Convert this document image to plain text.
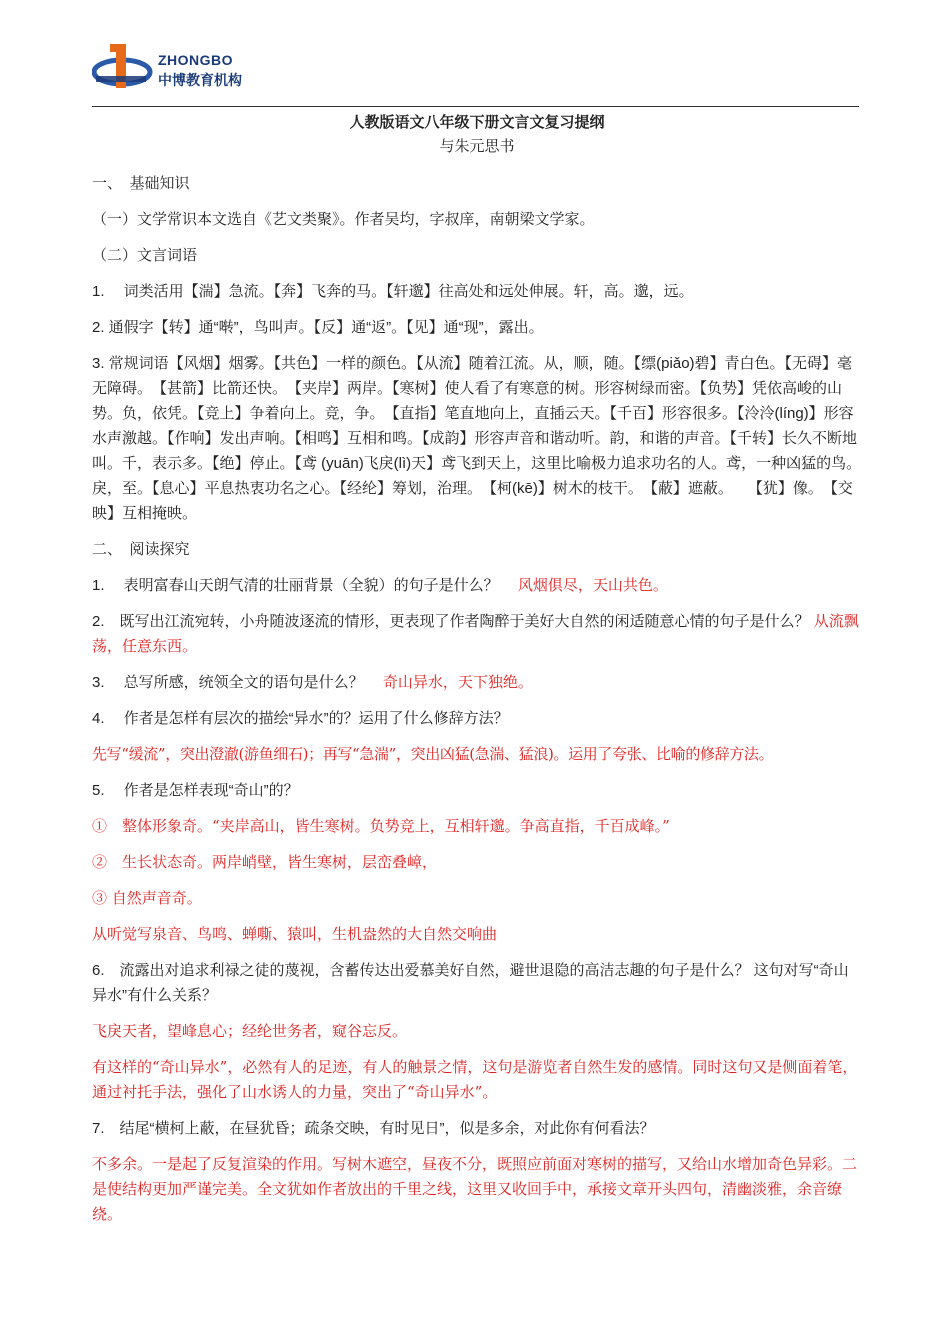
ZHONGBO
中博教育机构
人教版语文八年级下册文言文复习提纲
与朱元思书

一、　基础知识

（一）文学常识本文选自《艺文类聚》。作者吴均，字叔庠，南朝梁文学家。

（二）文言词语

1.　 词类活用【湍】急流。【奔】飞奔的马。【轩邈】往高处和远处伸展。轩，高。邈，远。

2. 通假字【转】通“啭”，鸟叫声。【反】通“返”。【见】通“现”，露出。

3. 常规词语【风烟】烟雾。【共色】一样的颜色。【从流】随着江流。从，顺，随。【缥(piǎo)碧】青白色。【无碍】毫无障碍。　【甚箭】比箭还快。　【夹岸】两岸。【寒树】使人看了有寒意的树。形容树绿而密。【负势】凭依高峻的山势。负，依凭。【竞上】争着向上。竞，争。　【直指】笔直地向上，直插云天。【千百】形容很多。【泠泠(líng)】形容水声激越。【作响】发出声响。【相鸣】互相和鸣。【成韵】形容声音和谐动听。韵，和谐的声音。【千转】长久不断地叫。千，表示多。【绝】停止。【鸢 (yuān)飞戾(lì)天】鸢飞到天上，这里比喻极力追求功名的人。鸢，一种凶猛的鸟。戾，至。【息心】平息热衷功名之心。【经纶】筹划，治理。　【柯(kē)】树木的枝干。　【蔽】遮蔽。　　【犹】像。　【交映】互相掩映。

二、　阅读探究

1.　 表明富春山天朗气清的壮丽背景（全貌）的句子是什么？　 风烟俱尽，天山共色。

2.　既写出江流宛转，小舟随波逐流的情形，更表现了作者陶醉于美好大自然的闲适随意心情的句子是什么？ 从流飘荡，任意东西。

3.　 总写所感，统领全文的语句是什么？　 奇山异水，天下独绝。

4.　 作者是怎样有层次的描绘“异水”的？运用了什么修辞方法？

先写“缓流”，突出澄澈(游鱼细石)；再写“急湍”，突出凶猛(急湍、猛浪)。运用了夸张、比喻的修辞方法。

5.　 作者是怎样表现“奇山”的？

①　整体形象奇。“夹岸高山，皆生寒树。负势竞上，互相轩邈。争高直指，千百成峰。”

②　生长状态奇。两岸峭壁，皆生寒树，层峦叠嶂，

③ 自然声音奇。

从听觉写泉音、鸟鸣、蝉嘶、猿叫，生机盎然的大自然交响曲

6.　流露出对追求利禄之徒的蔑视，含蓄传达出爱慕美好自然，避世退隐的高洁志趣的句子是什么？ 这句对写“奇山异水”有什么关系？

飞戾天者，望峰息心；经纶世务者，窥谷忘反。

有这样的“奇山异水”，必然有人的足迹，有人的触景之情，这句是游览者自然生发的感情。同时这句又是侧面着笔，通过衬托手法，强化了山水诱人的力量，突出了“奇山异水”。

7.　结尾“横柯上蔽，在昼犹昏；疏条交映，有时见日”，似是多余，对此你有何看法？

不多余。一是起了反复渲染的作用。写树木遮空，昼夜不分，既照应前面对寒树的描写，又给山水增加奇色异彩。二是使结构更加严谨完美。全文犹如作者放出的千里之线，这里又收回手中，承接文章开头四句，清幽淡雅，余音缭绕。
